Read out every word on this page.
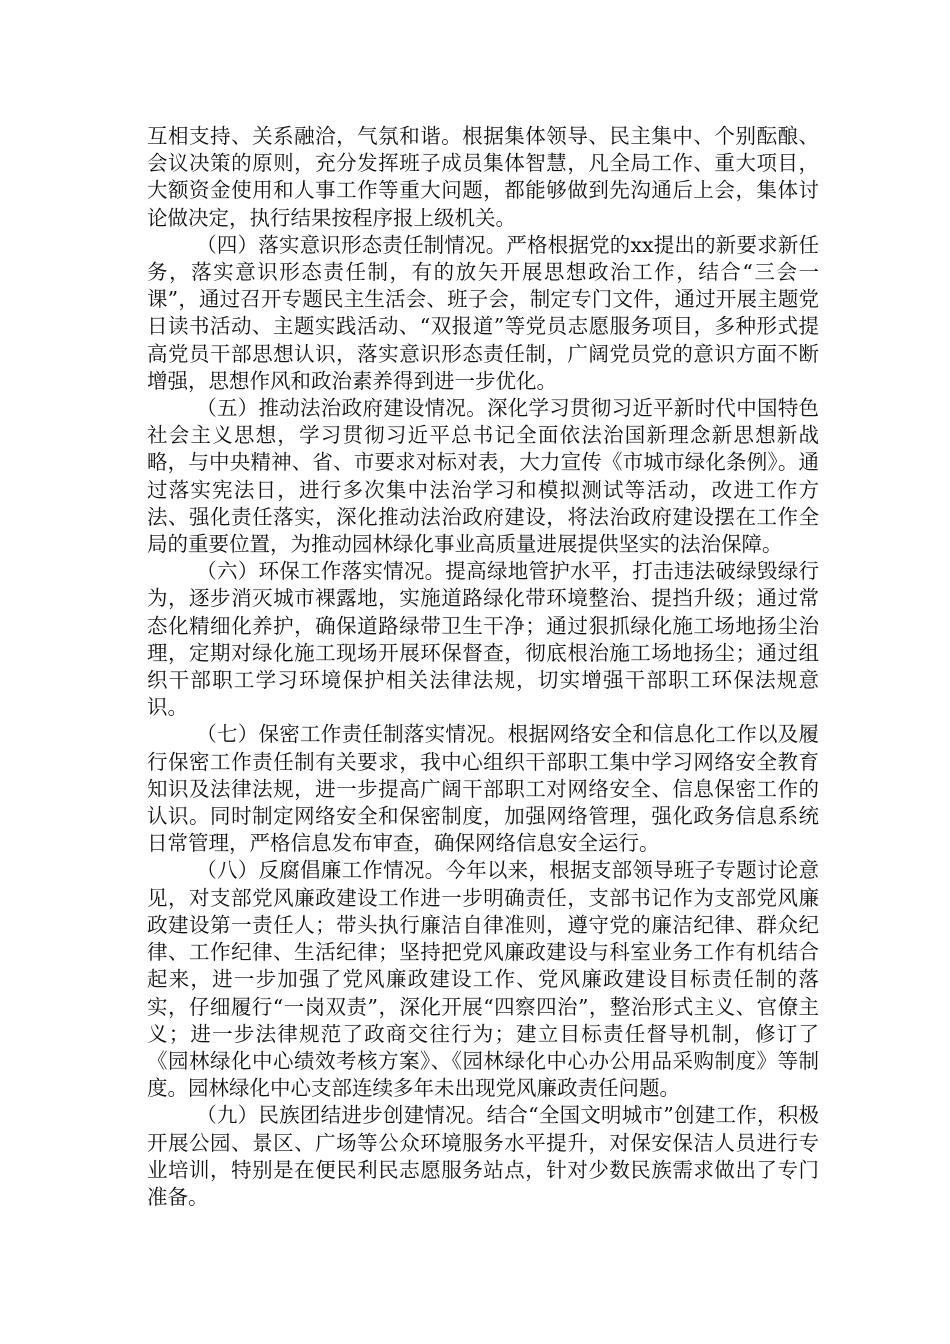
互相支持、关系融洽，气氛和谐。根据集体领导、民主集中、个别酝酿、会议决策的原则，充分发挥班子成员集体智慧，凡全局工作、重大项目，大额资金使用和人事工作等重大问题，都能够做到先沟通后上会，集体讨论做决定，执行结果按程序报上级机关。

（四）落实意识形态责任制情况。严格根据党的xx提出的新要求新任务，落实意识形态责任制，有的放矢开展思想政治工作，结合“三会一课”，通过召开专题民主生活会、班子会，制定专门文件，通过开展主题党日读书活动、主题实践活动、“双报道”等党员志愿服务项目，多种形式提高党员干部思想认识，落实意识形态责任制，广阔党员党的意识方面不断增强，思想作风和政治素养得到进一步优化。

（五）推动法治政府建设情况。深化学习贯彻习近平新时代中国特色社会主义思想，学习贯彻习近平总书记全面依法治国新理念新思想新战略，与中央精神、省、市要求对标对表，大力宣传《市城市绿化条例》。通过落实宪法日，进行多次集中法治学习和模拟测试等活动，改进工作方法、强化责任落实，深化推动法治政府建设，将法治政府建设摆在工作全局的重要位置，为推动园林绿化事业高质量进展提供坚实的法治保障。

（六）环保工作落实情况。提高绿地管护水平，打击违法破绿毁绿行为，逐步消灭城市裸露地，实施道路绿化带环境整治、提挡升级；通过常态化精细化养护，确保道路绿带卫生干净；通过狠抓绿化施工场地扬尘治理，定期对绿化施工现场开展环保督查，彻底根治施工场地扬尘；通过组织干部职工学习环境保护相关法律法规，切实增强干部职工环保法规意识。

（七）保密工作责任制落实情况。根据网络安全和信息化工作以及履行保密工作责任制有关要求，我中心组织干部职工集中学习网络安全教育知识及法律法规，进一步提高广阔干部职工对网络安全、信息保密工作的认识。同时制定网络安全和保密制度，加强网络管理，强化政务信息系统日常管理，严格信息发布审查，确保网络信息安全运行。

（八）反腐倡廉工作情况。今年以来，根据支部领导班子专题讨论意见，对支部党风廉政建设工作进一步明确责任，支部书记作为支部党风廉政建设第一责任人；带头执行廉洁自律准则，遵守党的廉洁纪律、群众纪律、工作纪律、生活纪律；坚持把党风廉政建设与科室业务工作有机结合起来，进一步加强了党风廉政建设工作、党风廉政建设目标责任制的落实，仔细履行“一岗双责”，深化开展“四察四治”，整治形式主义、官僚主义；进一步法律规范了政商交往行为；建立目标责任督导机制，修订了《园林绿化中心绩效考核方案》、《园林绿化中心办公用品采购制度》等制度。园林绿化中心支部连续多年未出现党风廉政责任问题。

（九）民族团结进步创建情况。结合“全国文明城市”创建工作，积极开展公园、景区、广场等公众环境服务水平提升，对保安保洁人员进行专业培训，特别是在便民利民志愿服务站点，针对少数民族需求做出了专门准备。
